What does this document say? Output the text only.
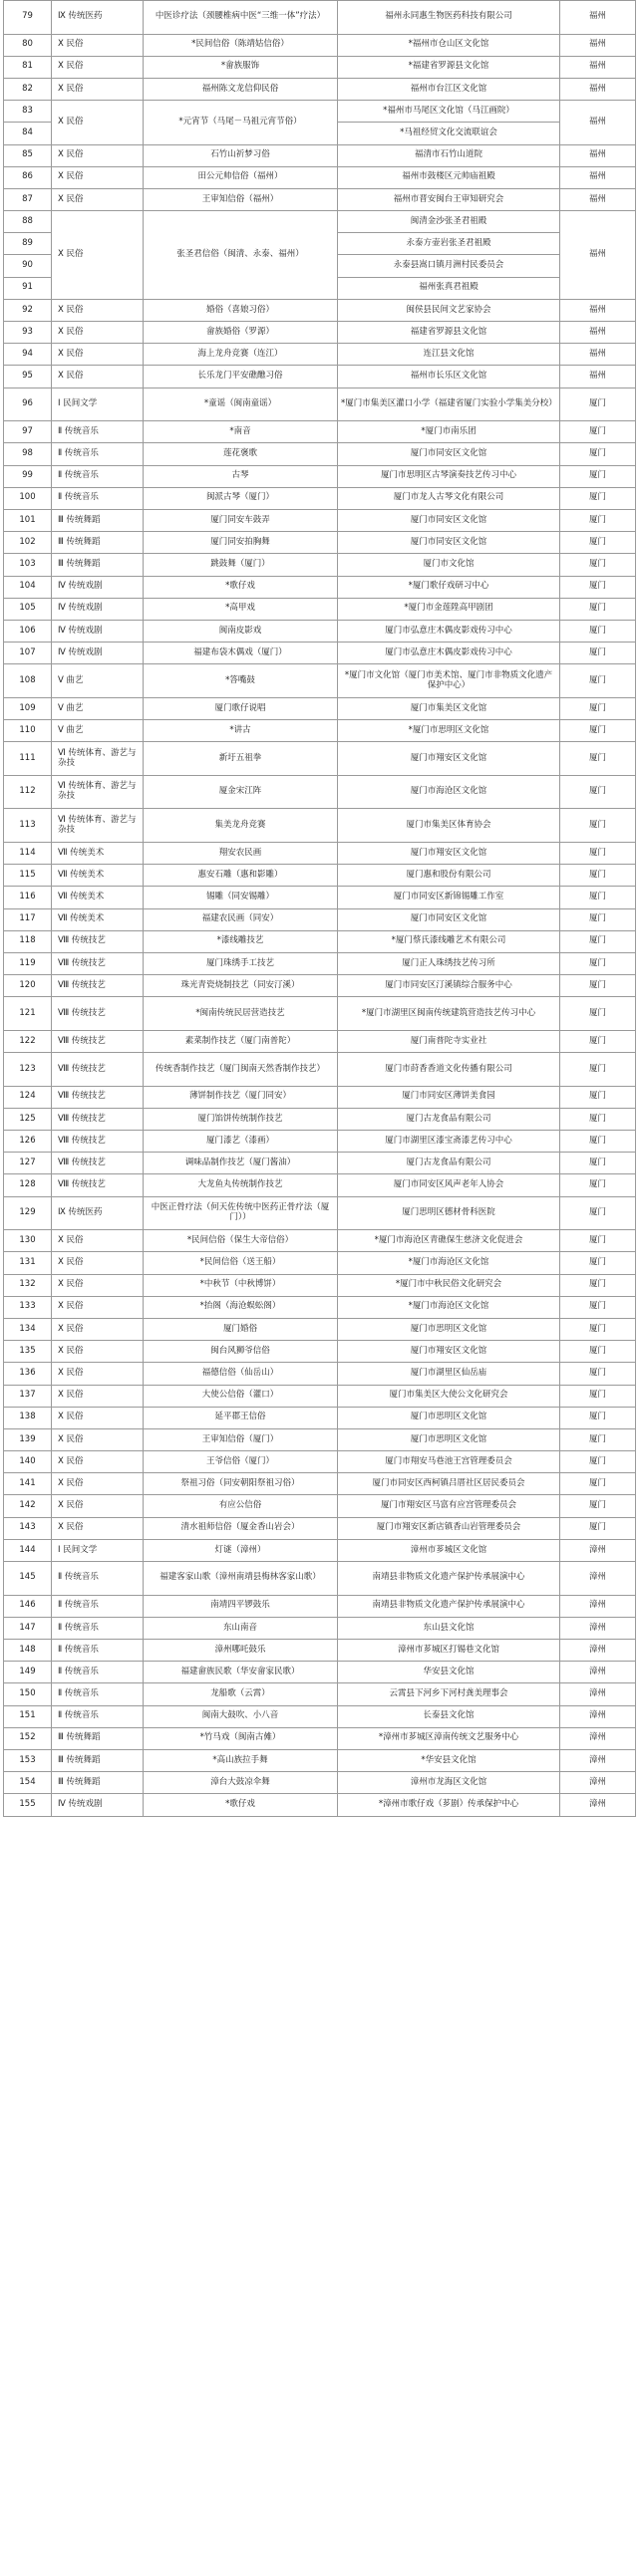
79	Ⅸ 传统医药	中医诊疗法（颈腰椎病中医“三维一体”疗法）	福州永同惠生物医药科技有限公司	福州
80	Ⅹ 民俗	*民间信俗（陈靖姑信俗）	*福州市仓山区文化馆	福州
81	Ⅹ 民俗	*畲族服饰	*福建省罗源县文化馆	福州
82	Ⅹ 民俗	福州陈文龙信仰民俗	福州市台江区文化馆	福州
83	Ⅹ 民俗	*元宵节（马尾－马祖元宵节俗）	*福州市马尾区文化馆（马江画院）	福州
84			*马祖经贸文化交流联谊会	
85	Ⅹ 民俗	石竹山祈梦习俗	福清市石竹山道院	福州
86	Ⅹ 民俗	田公元帅信俗（福州）	福州市鼓楼区元帅庙祖殿	福州
87	Ⅹ 民俗	王审知信俗（福州）	福州市晋安闽台王审知研究会	福州
88	Ⅹ 民俗	张圣君信俗（闽清、永泰、福州）	闽清金沙张圣君祖殿	福州
89			永泰方壶岩张圣君祖殿	
90			永泰县嵩口镇月洲村民委员会	
91			福州张真君祖殿	
92	Ⅹ 民俗	婚俗（喜娘习俗）	闽侯县民间文艺家协会	福州
93	Ⅹ 民俗	畲族婚俗（罗源）	福建省罗源县文化馆	福州
94	Ⅹ 民俗	海上龙舟竞赛（连江）	连江县文化馆	福州
95	Ⅹ 民俗	长乐龙门平安礁醮习俗	福州市长乐区文化馆	福州
96	Ⅰ 民间文学	*童谣（闽南童谣）	*厦门市集美区灌口小学（福建省厦门实验小学集美分校）	厦门
97	Ⅱ 传统音乐	*南音	*厦门市南乐团	厦门
98	Ⅱ 传统音乐	莲花褒歌	厦门市同安区文化馆	厦门
99	Ⅱ 传统音乐	古琴	厦门市思明区古琴演奏技艺传习中心	厦门
100	Ⅱ 传统音乐	闽派古琴（厦门）	厦门市龙人古琴文化有限公司	厦门
101	Ⅲ 传统舞蹈	厦门同安车鼓弄	厦门市同安区文化馆	厦门
102	Ⅲ 传统舞蹈	厦门同安拍胸舞	厦门市同安区文化馆	厦门
103	Ⅲ 传统舞蹈	跳鼓舞（厦门）	厦门市文化馆	厦门
104	Ⅳ 传统戏剧	*歌仔戏	*厦门歌仔戏研习中心	厦门
105	Ⅳ 传统戏剧	*高甲戏	*厦门市金莲陞高甲剧团	厦门
106	Ⅳ 传统戏剧	闽南皮影戏	厦门市弘意庄木偶皮影戏传习中心	厦门
107	Ⅳ 传统戏剧	福建布袋木偶戏（厦门）	厦门市弘意庄木偶皮影戏传习中心	厦门
108	Ⅴ 曲艺	*答嘴鼓	*厦门市文化馆（厦门市美术馆、厦门市非物质文化遗产保护中心）	厦门
109	Ⅴ 曲艺	厦门歌仔说唱	厦门市集美区文化馆	厦门
110	Ⅴ 曲艺	*讲古	*厦门市思明区文化馆	厦门
111	Ⅵ 传统体育、游艺与杂技	新圩五祖拳	厦门市翔安区文化馆	厦门
112	Ⅵ 传统体育、游艺与杂技	厦金宋江阵	厦门市海沧区文化馆	厦门
113	Ⅵ 传统体育、游艺与杂技	集美龙舟竞赛	厦门市集美区体育协会	厦门
114	Ⅶ 传统美术	翔安农民画	厦门市翔安区文化馆	厦门
115	Ⅶ 传统美术	惠安石雕（惠和影雕）	厦门惠和股份有限公司	厦门
116	Ⅶ 传统美术	锡雕（同安锡雕）	厦门市同安区新锦锡雕工作室	厦门
117	Ⅶ 传统美术	福建农民画（同安）	厦门市同安区文化馆	厦门
118	Ⅷ 传统技艺	*漆线雕技艺	*厦门蔡氏漆线雕艺术有限公司	厦门
119	Ⅷ 传统技艺	厦门珠绣手工技艺	厦门正人珠绣技艺传习所	厦门
120	Ⅷ 传统技艺	珠光青瓷烧制技艺（同安汀溪）	厦门市同安区汀溪镇综合服务中心	厦门
121	Ⅷ 传统技艺	*闽南传统民居营造技艺	*厦门市湖里区闽南传统建筑营造技艺传习中心	厦门
122	Ⅷ 传统技艺	素菜制作技艺（厦门南普陀）	厦门南普陀寺实业社	厦门
123	Ⅷ 传统技艺	传统香制作技艺（厦门闽南天然香制作技艺）	厦门市莳香香道文化传播有限公司	厦门
124	Ⅷ 传统技艺	薄饼制作技艺（厦门同安）	厦门市同安区薄饼美食园	厦门
125	Ⅷ 传统技艺	厦门馅饼传统制作技艺	厦门古龙食品有限公司	厦门
126	Ⅷ 传统技艺	厦门漆艺（漆画）	厦门市湖里区漆宝斋漆艺传习中心	厦门
127	Ⅷ 传统技艺	调味品制作技艺（厦门酱油）	厦门古龙食品有限公司	厦门
128	Ⅷ 传统技艺	大龙鱼丸传统制作技艺	厦门市同安区风声老年人协会	厦门
129	Ⅸ 传统医药	中医正骨疗法（何天佐传统中医药正骨疗法（厦门））	厦门思明区德材骨科医院	厦门
130	Ⅹ 民俗	*民间信俗（保生大帝信俗）	*厦门市海沧区青礁保生慈济文化促进会	厦门
131	Ⅹ 民俗	*民间信俗（送王船）	*厦门市海沧区文化馆	厦门
132	Ⅹ 民俗	*中秋节（中秋博饼）	*厦门市中秋民俗文化研究会	厦门
133	Ⅹ 民俗	*抬阁（海沧蜈蚣阁）	*厦门市海沧区文化馆	厦门
134	Ⅹ 民俗	厦门婚俗	厦门市思明区文化馆	厦门
135	Ⅹ 民俗	闽台风狮爷信俗	厦门市翔安区文化馆	厦门
136	Ⅹ 民俗	福德信俗（仙岳山）	厦门市湖里区仙岳庙	厦门
137	Ⅹ 民俗	大使公信俗（灌口）	厦门市集美区大使公文化研究会	厦门
138	Ⅹ 民俗	延平郡王信俗	厦门市思明区文化馆	厦门
139	Ⅹ 民俗	王审知信俗（厦门）	厦门市思明区文化馆	厦门
140	Ⅹ 民俗	王爷信俗（厦门）	厦门市翔安马巷池王宫管理委员会	厦门
141	Ⅹ 民俗	祭祖习俗（同安朝阳祭祖习俗）	厦门市同安区西柯镇吕厝社区居民委员会	厦门
142	Ⅹ 民俗	有应公信俗	厦门市翔安区马富有应宫管理委员会	厦门
143	Ⅹ 民俗	清水祖师信俗（厦金香山岩会）	厦门市翔安区新店镇香山岩管理委员会	厦门
144	Ⅰ 民间文学	灯谜（漳州）	漳州市芗城区文化馆	漳州
145	Ⅱ 传统音乐	福建客家山歌（漳州南靖县梅林客家山歌）	南靖县非物质文化遗产保护传承展演中心	漳州
146	Ⅱ 传统音乐	南靖四平锣鼓乐	南靖县非物质文化遗产保护传承展演中心	漳州
147	Ⅱ 传统音乐	东山南音	东山县文化馆	漳州
148	Ⅱ 传统音乐	漳州哪吒鼓乐	漳州市芗城区打锡巷文化馆	漳州
149	Ⅱ 传统音乐	福建畲族民歌（华安畲家民歌）	华安县文化馆	漳州
150	Ⅱ 传统音乐	龙船歌（云霄）	云霄县下河乡下河村龚美理事会	漳州
151	Ⅱ 传统音乐	闽南大鼓吹、小八音	长泰县文化馆	漳州
152	Ⅲ 传统舞蹈	*竹马戏（闽南古傩）	*漳州市芗城区漳南传统文艺服务中心	漳州
153	Ⅲ 传统舞蹈	*高山族拉手舞	*华安县文化馆	漳州
154	Ⅲ 传统舞蹈	漳台大鼓凉伞舞	漳州市龙海区文化馆	漳州
155	Ⅳ 传统戏剧	*歌仔戏	*漳州市歌仔戏（芗剧）传承保护中心	漳州
